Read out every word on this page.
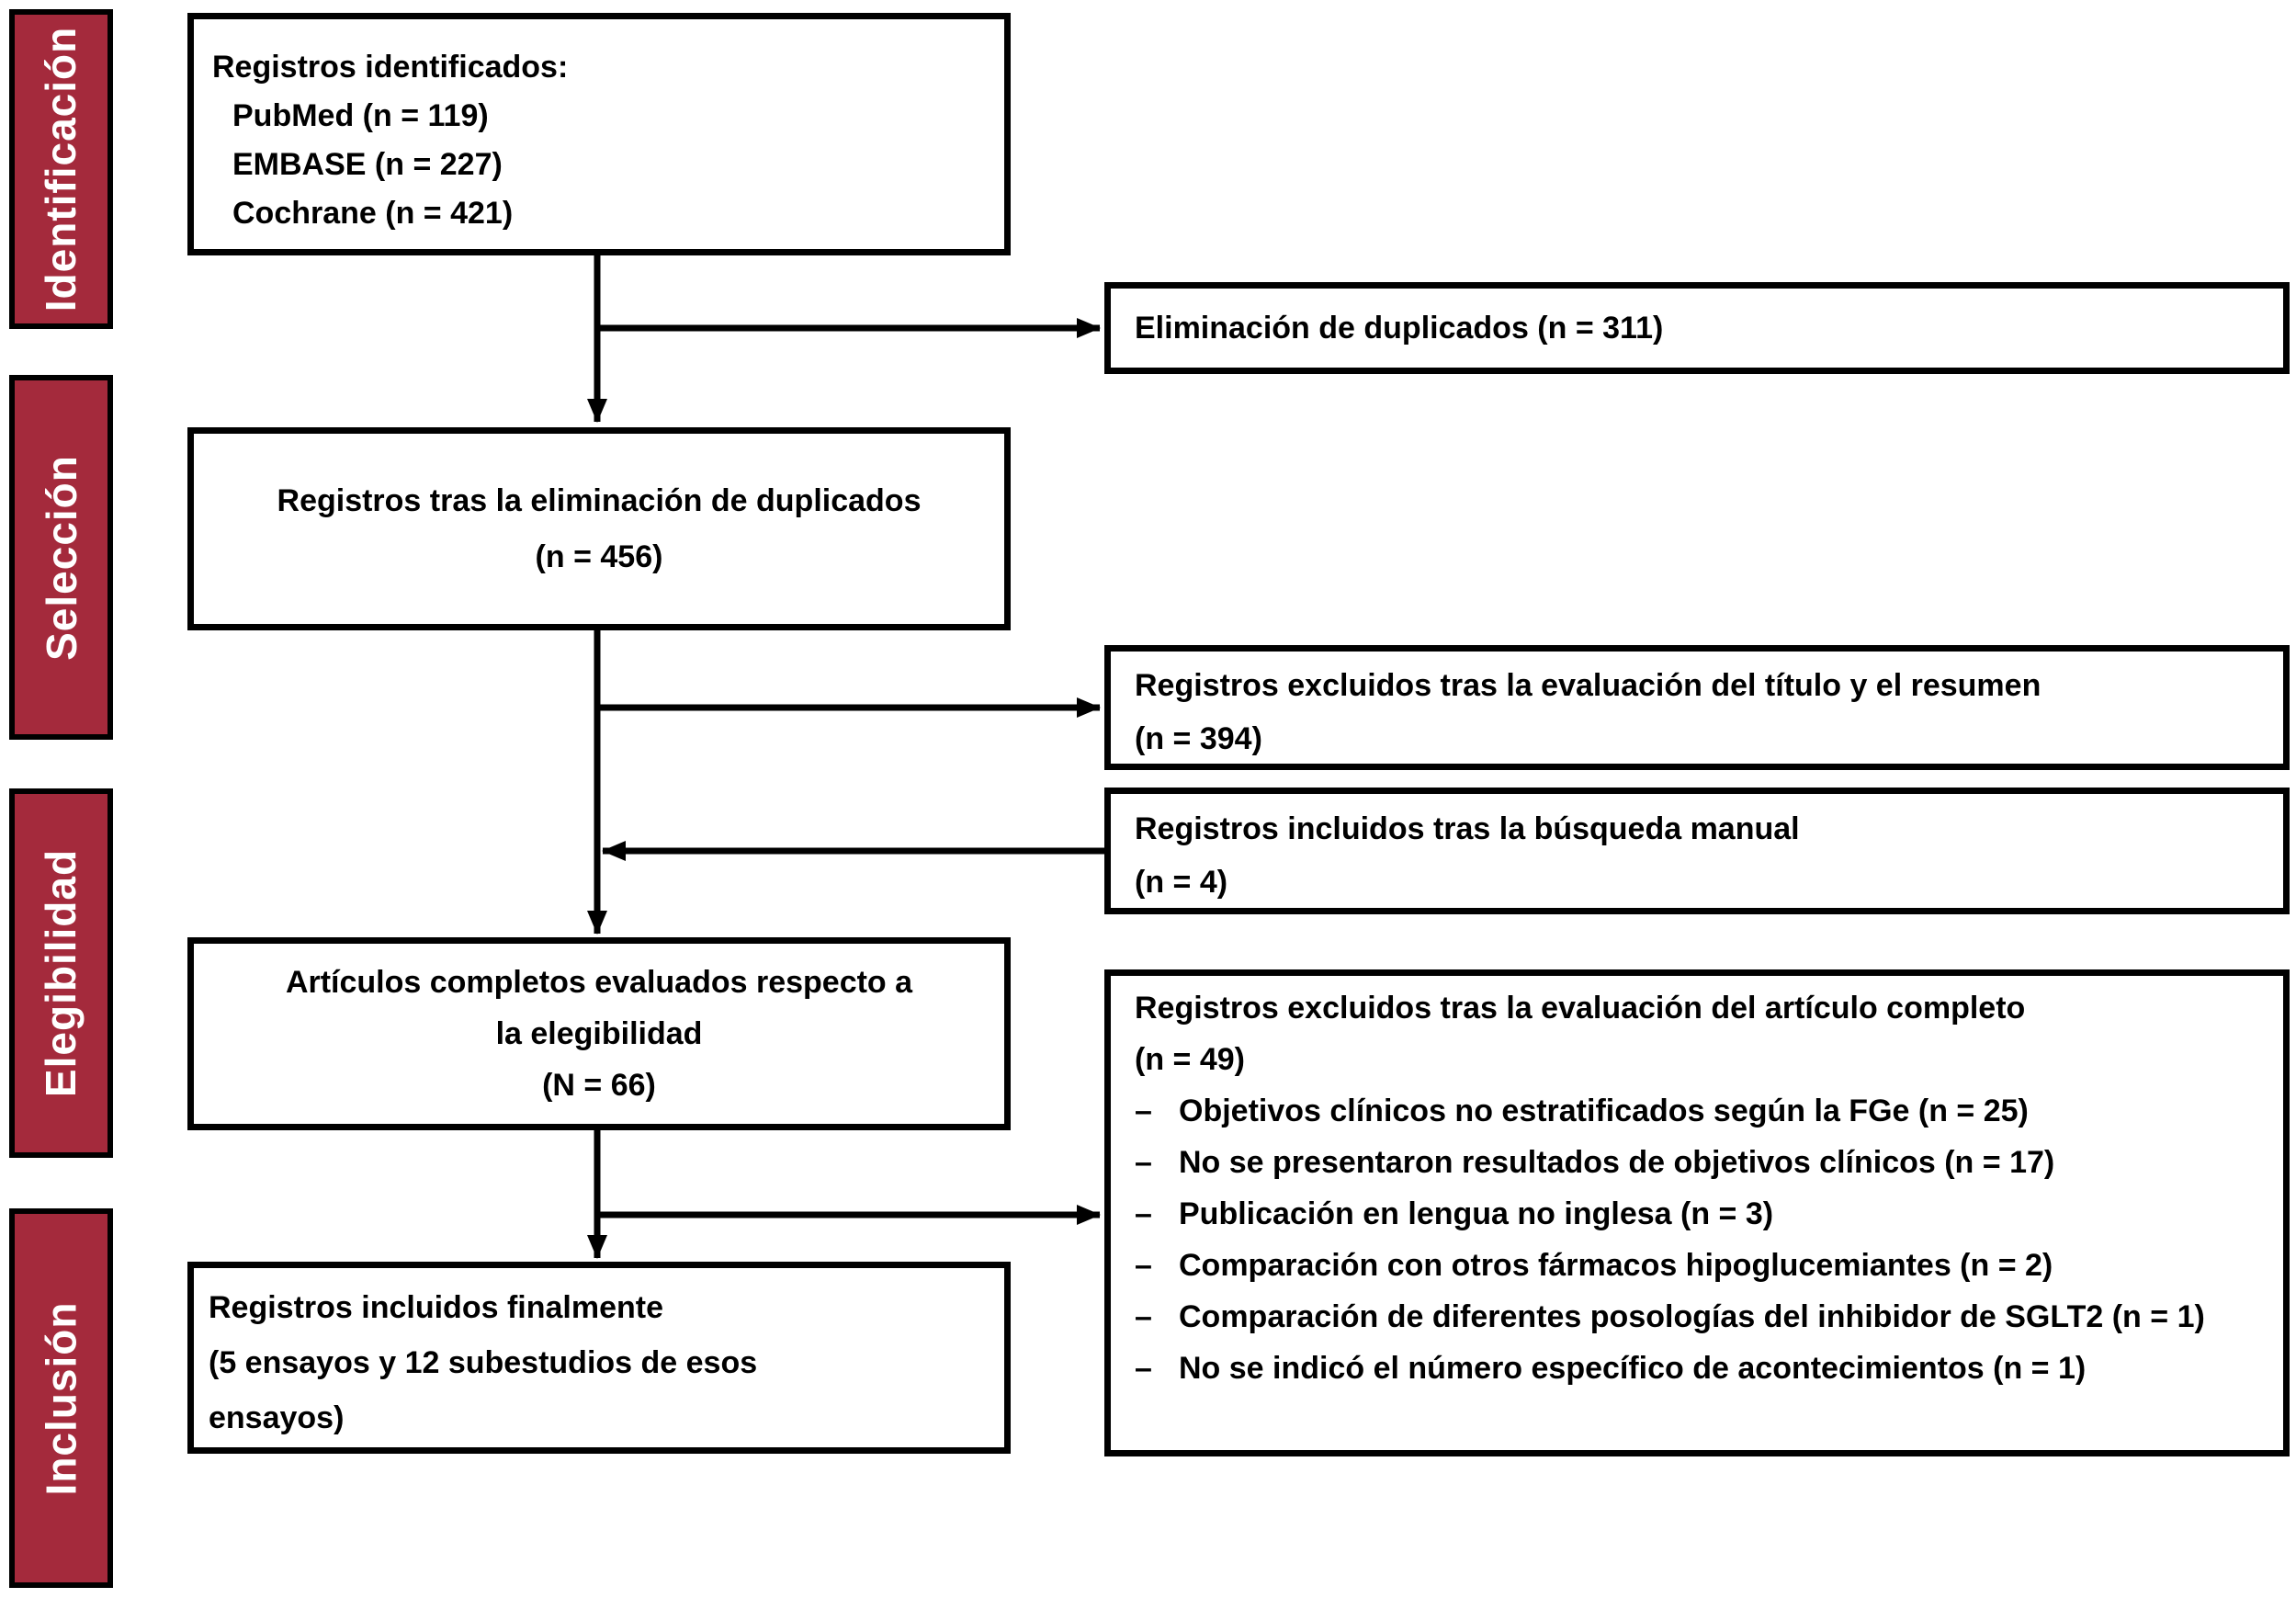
Identificación
Selección
Elegibilidad
Inclusión
Registros identificados:
PubMed (n = 119)
EMBASE (n = 227)
Cochrane (n = 421)
Eliminación de duplicados (n = 311)
Registros tras la eliminación de duplicados
(n = 456)
Registros excluidos tras la evaluación del título y el resumen
(n = 394)
Registros incluidos tras la búsqueda manual
(n = 4)
Artículos completos evaluados respecto a
la elegibilidad
(N = 66)
Registros excluidos tras la evaluación del artículo completo
(n = 49)
– Objetivos clínicos no estratificados según la FGe (n = 25)
– No se presentaron resultados de objetivos clínicos (n = 17)
– Publicación en lengua no inglesa (n = 3)
– Comparación con otros fármacos hipoglucemiantes (n = 2)
– Comparación de diferentes posologías del inhibidor de SGLT2 (n = 1)
– No se indicó el número específico de acontecimientos (n = 1)
Registros incluidos finalmente
(5 ensayos y 12 subestudios de esos
ensayos)
